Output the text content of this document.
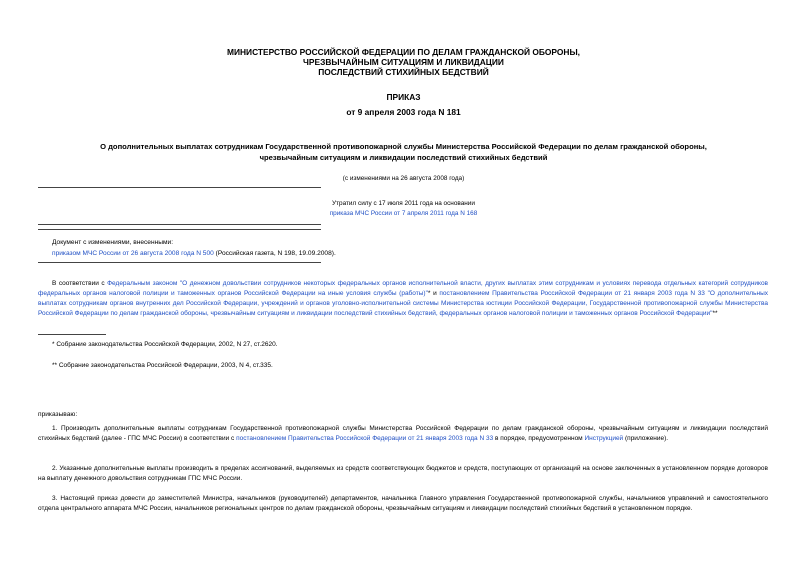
МИНИСТЕРСТВО РОССИЙСКОЙ ФЕДЕРАЦИИ ПО ДЕЛАМ ГРАЖДАНСКОЙ ОБОРОНЫ,
ЧРЕЗВЫЧАЙНЫМ СИТУАЦИЯМ И ЛИКВИДАЦИИ
ПОСЛЕДСТВИЙ СТИХИЙНЫХ БЕДСТВИЙ
ПРИКАЗ
от 9 апреля 2003 года N 181
О дополнительных выплатах сотрудникам Государственной противопожарной службы Министерства Российской Федерации по делам гражданской обороны,
чрезвычайным ситуациям и ликвидации последствий стихийных бедствий
(с изменениями на 26 августа 2008 года)
Утратил силу с 17 июля 2011 года на основании
приказа МЧС России от 7 апреля 2011 года N 168
Документ с изменениями, внесенными:
приказом МЧС России от 26 августа 2008 года N 500 (Российская газета, N 198, 19.09.2008).
В соответствии с Федеральным законом "О денежном довольствии сотрудников некоторых федеральных органов исполнительной власти, других выплатах этим сотрудникам и условиях перевода отдельных категорий сотрудников федеральных органов налоговой полиции и таможенных органов Российской Федерации на иные условия службы (работы)"* и постановлением Правительства Российской Федерации от 21 января 2003 года N 33 "О дополнительных выплатах сотрудникам органов внутренних дел Российской Федерации, учреждений и органов уголовно-исполнительной системы Министерства юстиции Российской Федерации, Государственной противопожарной службы Министерства Российской Федерации по делам гражданской обороны, чрезвычайным ситуациям и ликвидации последствий стихийных бедствий, федеральных органов налоговой полиции и таможенных органов Российской Федерации"**
* Собрание законодательства Российской Федерации, 2002, N 27, ст.2620.
** Собрание законодательства Российской Федерации, 2003, N 4, ст.335.
приказываю:
1. Производить дополнительные выплаты сотрудникам Государственной противопожарной службы Министерства Российской Федерации по делам гражданской обороны, чрезвычайным ситуациям и ликвидации последствий стихийных бедствий (далее - ГПС МЧС России) в соответствии с постановлением Правительства Российской Федерации от 21 января 2003 года N 33 в порядке, предусмотренном Инструкцией (приложение).
2. Указанные дополнительные выплаты производить в пределах ассигнований, выделяемых из средств соответствующих бюджетов и средств, поступающих от организаций на основе заключенных в установленном порядке договоров на выплату денежного довольствия сотрудникам ГПС МЧС России.
3. Настоящий приказ довести до заместителей Министра, начальников (руководителей) департаментов, начальника Главного управления Государственной противопожарной службы, начальников управлений и самостоятельного отдела центрального аппарата МЧС России, начальников региональных центров по делам гражданской обороны, чрезвычайным ситуациям и ликвидации последствий стихийных бедствий в установленном порядке.
